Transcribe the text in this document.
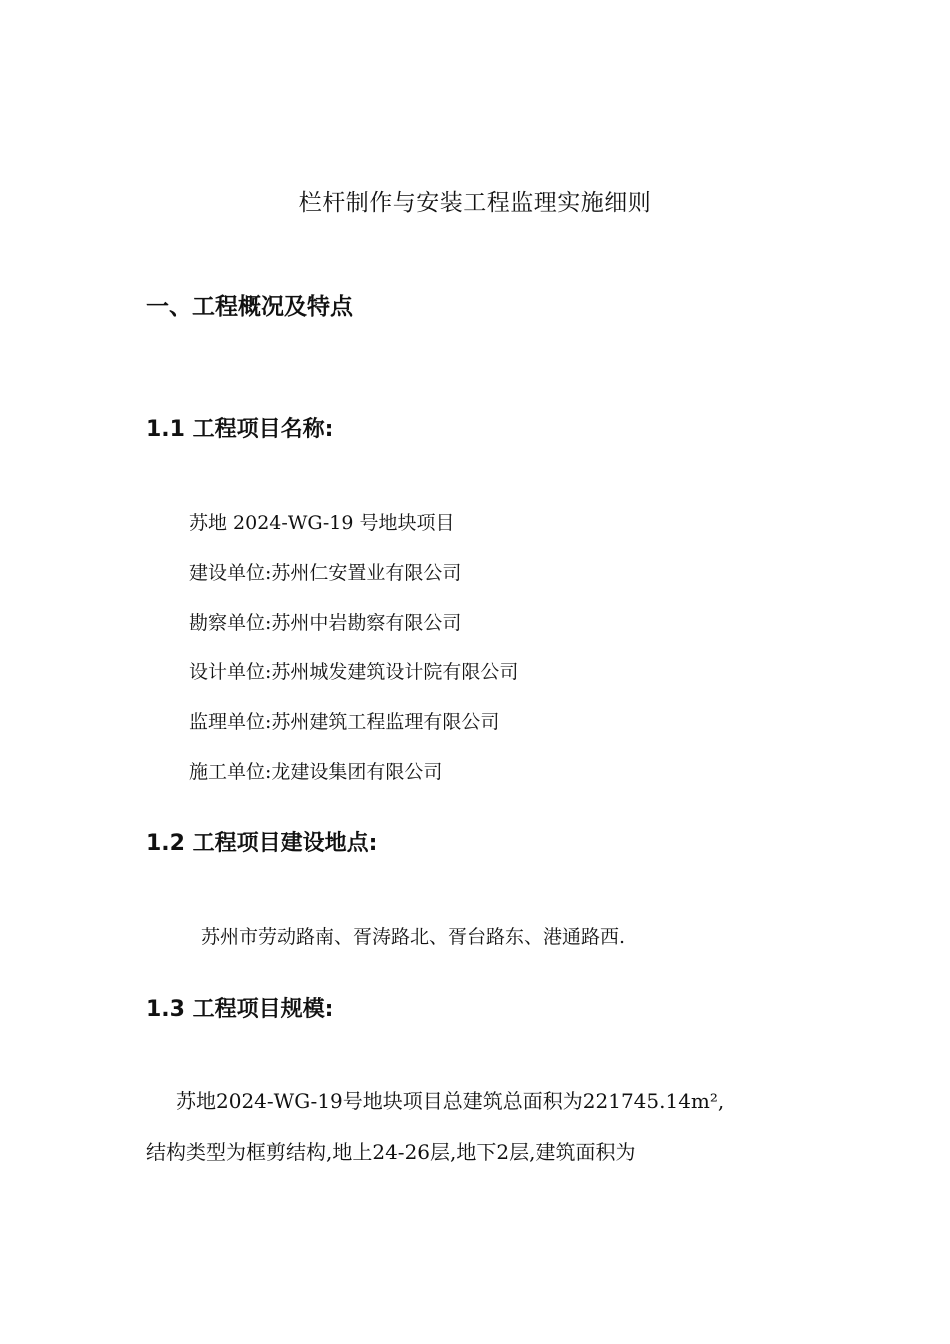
栏杆制作与安装工程监理实施细则
一、工程概况及特点
1.1 工程项目名称:

苏地 2024-WG-19 号地块项目

建设单位:苏州仁安置业有限公司

勘察单位:苏州中岩勘察有限公司

设计单位:苏州城发建筑设计院有限公司

监理单位:苏州建筑工程监理有限公司

施工单位:龙建设集团有限公司

1.2 工程项目建设地点:

苏州市劳动路南、胥涛路北、胥台路东、港通路西.

1.3 工程项目规模:

苏地2024-WG-19号地块项目总建筑总面积为221745.14m²,

结构类型为框剪结构,地上24-26层,地下2层,建筑面积为
